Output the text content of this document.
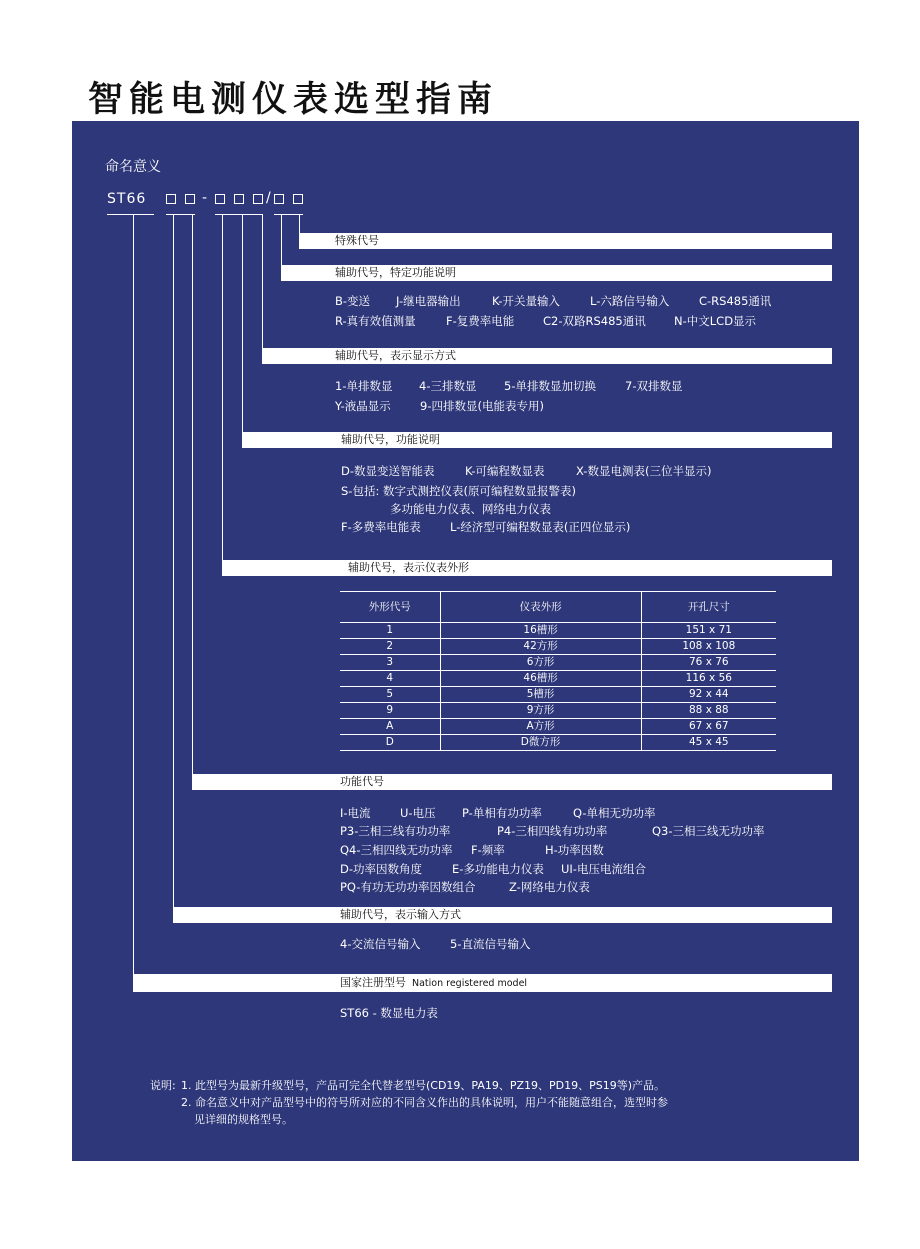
智能电测仪表选型指南
命名意义
ST66	-	/
特殊代号
辅助代号，特定功能说明
B-变送	J-继电器输出	K-开关量输入	L-六路信号输入	C-RS485通讯
R-真有效值测量	F-复费率电能	C2-双路RS485通讯	N-中文LCD显示
辅助代号，表示显示方式
1-单排数显	4-三排数显	5-单排数显加切换	7-双排数显
Y-液晶显示	9-四排数显(电能表专用)
辅助代号，功能说明
D-数显变送智能表	K-可编程数显表	X-数显电测表(三位半显示)
S-包括: 数字式测控仪表(原可编程数显报警表)
多功能电力仪表、网络电力仪表
F-多费率电能表	L-经济型可编程数显表(正四位显示)
辅助代号，表示仪表外形
外形代号	仪表外形	开孔尺寸
1	16槽形	151 x 71
2	42方形	108 x 108
3	6方形	76 x 76
4	46槽形	116 x 56
5	5槽形	92 x 44
9	9方形	88 x 88
A	A方形	67 x 67
D	D微方形	45 x 45
功能代号
I-电流	U-电压	P-单相有功功率	Q-单相无功功率
P3-三相三线有功功率	P4-三相四线有功功率	Q3-三相三线无功功率
Q4-三相四线无功功率	F-频率	H-功率因数
D-功率因数角度	E-多功能电力仪表	UI-电压电流组合
PQ-有功无功功率因数组合	Z-网络电力仪表
辅助代号，表示输入方式
4-交流信号输入	5-直流信号输入
国家注册型号 Nation registered model
ST66 - 数显电力表
说明: 1. 此型号为最新升级型号，产品可完全代替老型号(CD19、PA19、PZ19、PD19、PS19等)产品。
2. 命名意义中对产品型号中的符号所对应的不同含义作出的具体说明，用户不能随意组合，选型时参
见详细的规格型号。
